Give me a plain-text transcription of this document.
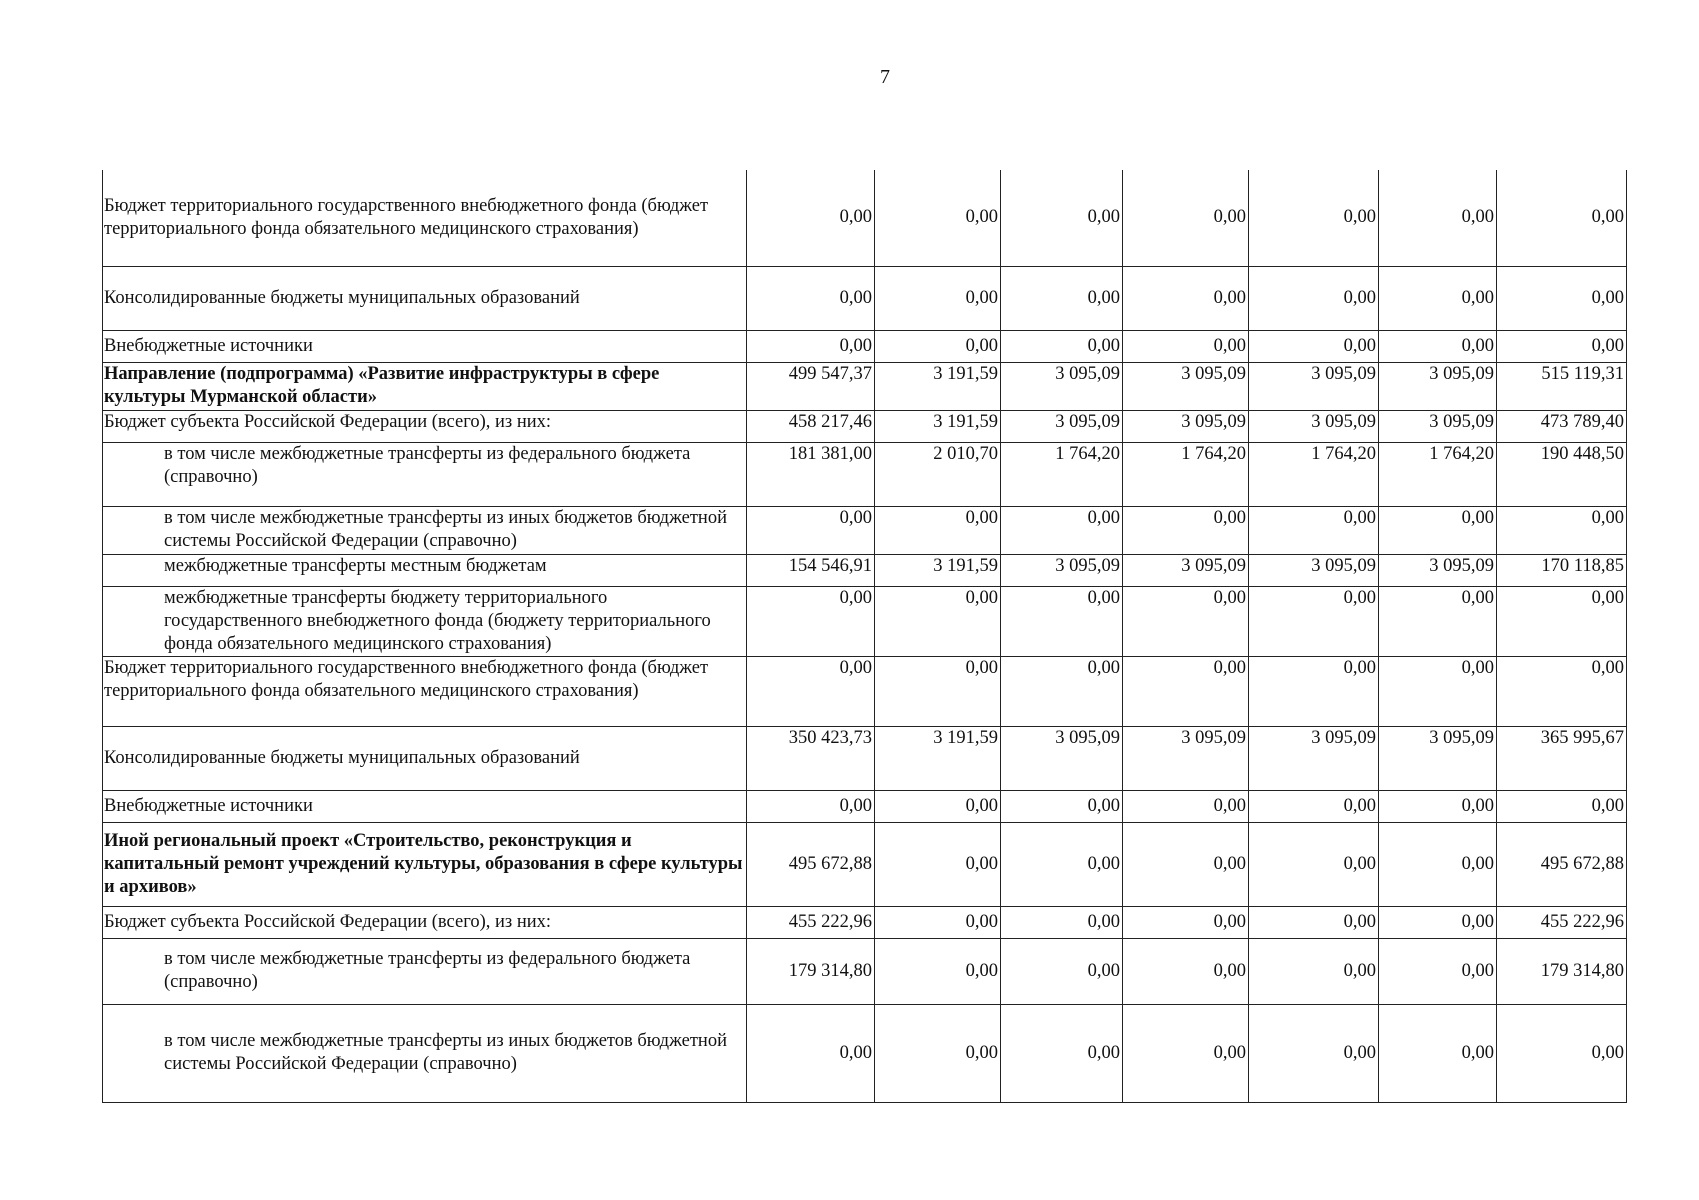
7
Бюджет территориального государственного внебюджетного фонда (бюджет территориального фонда обязательного медицинского страхования)	0,00	0,00	0,00	0,00	0,00	0,00	0,00
Консолидированные бюджеты муниципальных образований	0,00	0,00	0,00	0,00	0,00	0,00	0,00
Внебюджетные источники	0,00	0,00	0,00	0,00	0,00	0,00	0,00
Направление (подпрограмма) «Развитие инфраструктуры в сфере культуры Мурманской области»	499 547,37	3 191,59	3 095,09	3 095,09	3 095,09	3 095,09	515 119,31
Бюджет субъекта Российской Федерации (всего), из них:	458 217,46	3 191,59	3 095,09	3 095,09	3 095,09	3 095,09	473 789,40
в том числе межбюджетные трансферты из федерального бюджета (справочно)	181 381,00	2 010,70	1 764,20	1 764,20	1 764,20	1 764,20	190 448,50
в том числе межбюджетные трансферты из иных бюджетов бюджетной системы Российской Федерации (справочно)	0,00	0,00	0,00	0,00	0,00	0,00	0,00
межбюджетные трансферты местным бюджетам	154 546,91	3 191,59	3 095,09	3 095,09	3 095,09	3 095,09	170 118,85
межбюджетные трансферты бюджету территориального государственного внебюджетного фонда (бюджету территориального фонда обязательного медицинского страхования)	0,00	0,00	0,00	0,00	0,00	0,00	0,00
Бюджет территориального государственного внебюджетного фонда (бюджет территориального фонда обязательного медицинского страхования)	0,00	0,00	0,00	0,00	0,00	0,00	0,00
Консолидированные бюджеты муниципальных образований	350 423,73	3 191,59	3 095,09	3 095,09	3 095,09	3 095,09	365 995,67
Внебюджетные источники	0,00	0,00	0,00	0,00	0,00	0,00	0,00
Иной региональный проект «Строительство, реконструкция и капитальный ремонт учреждений культуры, образования в сфере культуры и архивов»	495 672,88	0,00	0,00	0,00	0,00	0,00	495 672,88
Бюджет субъекта Российской Федерации (всего), из них:	455 222,96	0,00	0,00	0,00	0,00	0,00	455 222,96
в том числе межбюджетные трансферты из федерального бюджета (справочно)	179 314,80	0,00	0,00	0,00	0,00	0,00	179 314,80
в том числе межбюджетные трансферты из иных бюджетов бюджетной системы Российской Федерации (справочно)	0,00	0,00	0,00	0,00	0,00	0,00	0,00
